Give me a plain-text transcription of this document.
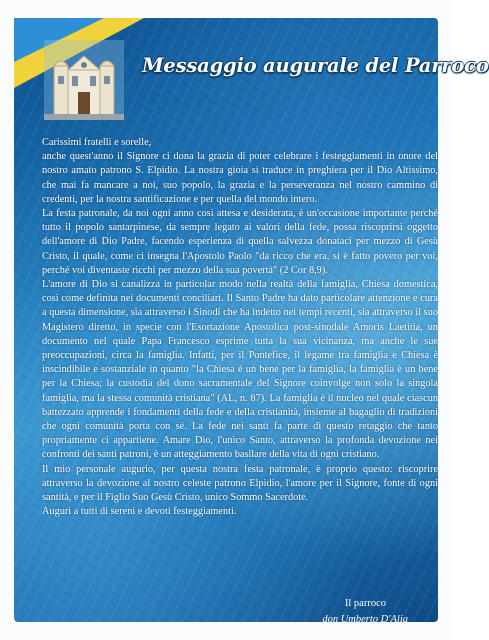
Messaggio augurale del Parroco

Carissimi fratelli e sorelle,

anche quest'anno il Signore ci dona la grazia di poter celebrare i festeggiamenti in onore del nostro amato patrono S. Elpidio. La nostra gioia si traduce in preghiera per il Dio Altissimo, che mai fa mancare a noi, suo popolo, la grazia e la perseveranza nel nostro cammino di credenti, per la nostra santificazione e per quella del mondo intero.

La festa patronale, da noi ogni anno così attesa e desiderata, è un'occasione importante perché tutto il popolo santarpinese, da sempre legato ai valori della fede, possa riscoprirsi oggetto dell'amore di Dio Padre, facendo esperienza di quella salvezza donataci per mezzo di Gesù Cristo, il quale, come ci insegna l'Apostolo Paolo "da ricco che era, si è fatto povero per voi, perché voi diventaste ricchi per mezzo della sua povertà" (2 Cor 8,9).

L'amore di Dio si canalizza in particolar modo nella realtà della famiglia, Chiesa domestica, così come definita nei documenti conciliari. Il Santo Padre ha dato particolare attenzione e cura a questa dimensione, sia attraverso i Sinodi che ha indetto nei tempi recenti, sia attraverso il suo Magistero diretto, in specie con l'Esortazione Apostolica post-sinodale Amoris Laetitia, un documento nel quale Papa Francesco esprime tutta la sua vicinanza, ma anche le sue preoccupazioni, circa la famiglia. Infatti, per il Pontefice, il legame tra famiglia e Chiesa è inscindibile e sostanziale in quanto "la Chiesa è un bene per la famiglia, la famiglia è un bene per la Chiesa; la custodia del dono sacramentale del Signore coinvolge non solo la singola famiglia, ma la stessa comunità cristiana" (AL, n. 87). La famiglia è il nucleo nel quale ciascun battezzato apprende i fondamenti della fede e della cristianità, insieme al bagaglio di tradizioni che ogni comunità porta con sé. La fede nei santi fa parte di questo retaggio che tanto propriamente ci appartiene. Amare Dio, l'unico Santo, attraverso la profonda devozione nei confronti dei santi patroni, è un atteggiamento basilare della vita di ogni cristiano.

Il mio personale augurio, per questa nostra festa patronale, è proprio questo: riscoprire attraverso la devozione al nostro celeste patrono Elpidio, l'amore per il Signore, fonte di ogni santità, e per il Figlio Suo Gesù Cristo, unico Sommo Sacerdote.

Auguri a tutti di sereni e devoti festeggiamenti.

Il parroco
don Umberto D'Alia
